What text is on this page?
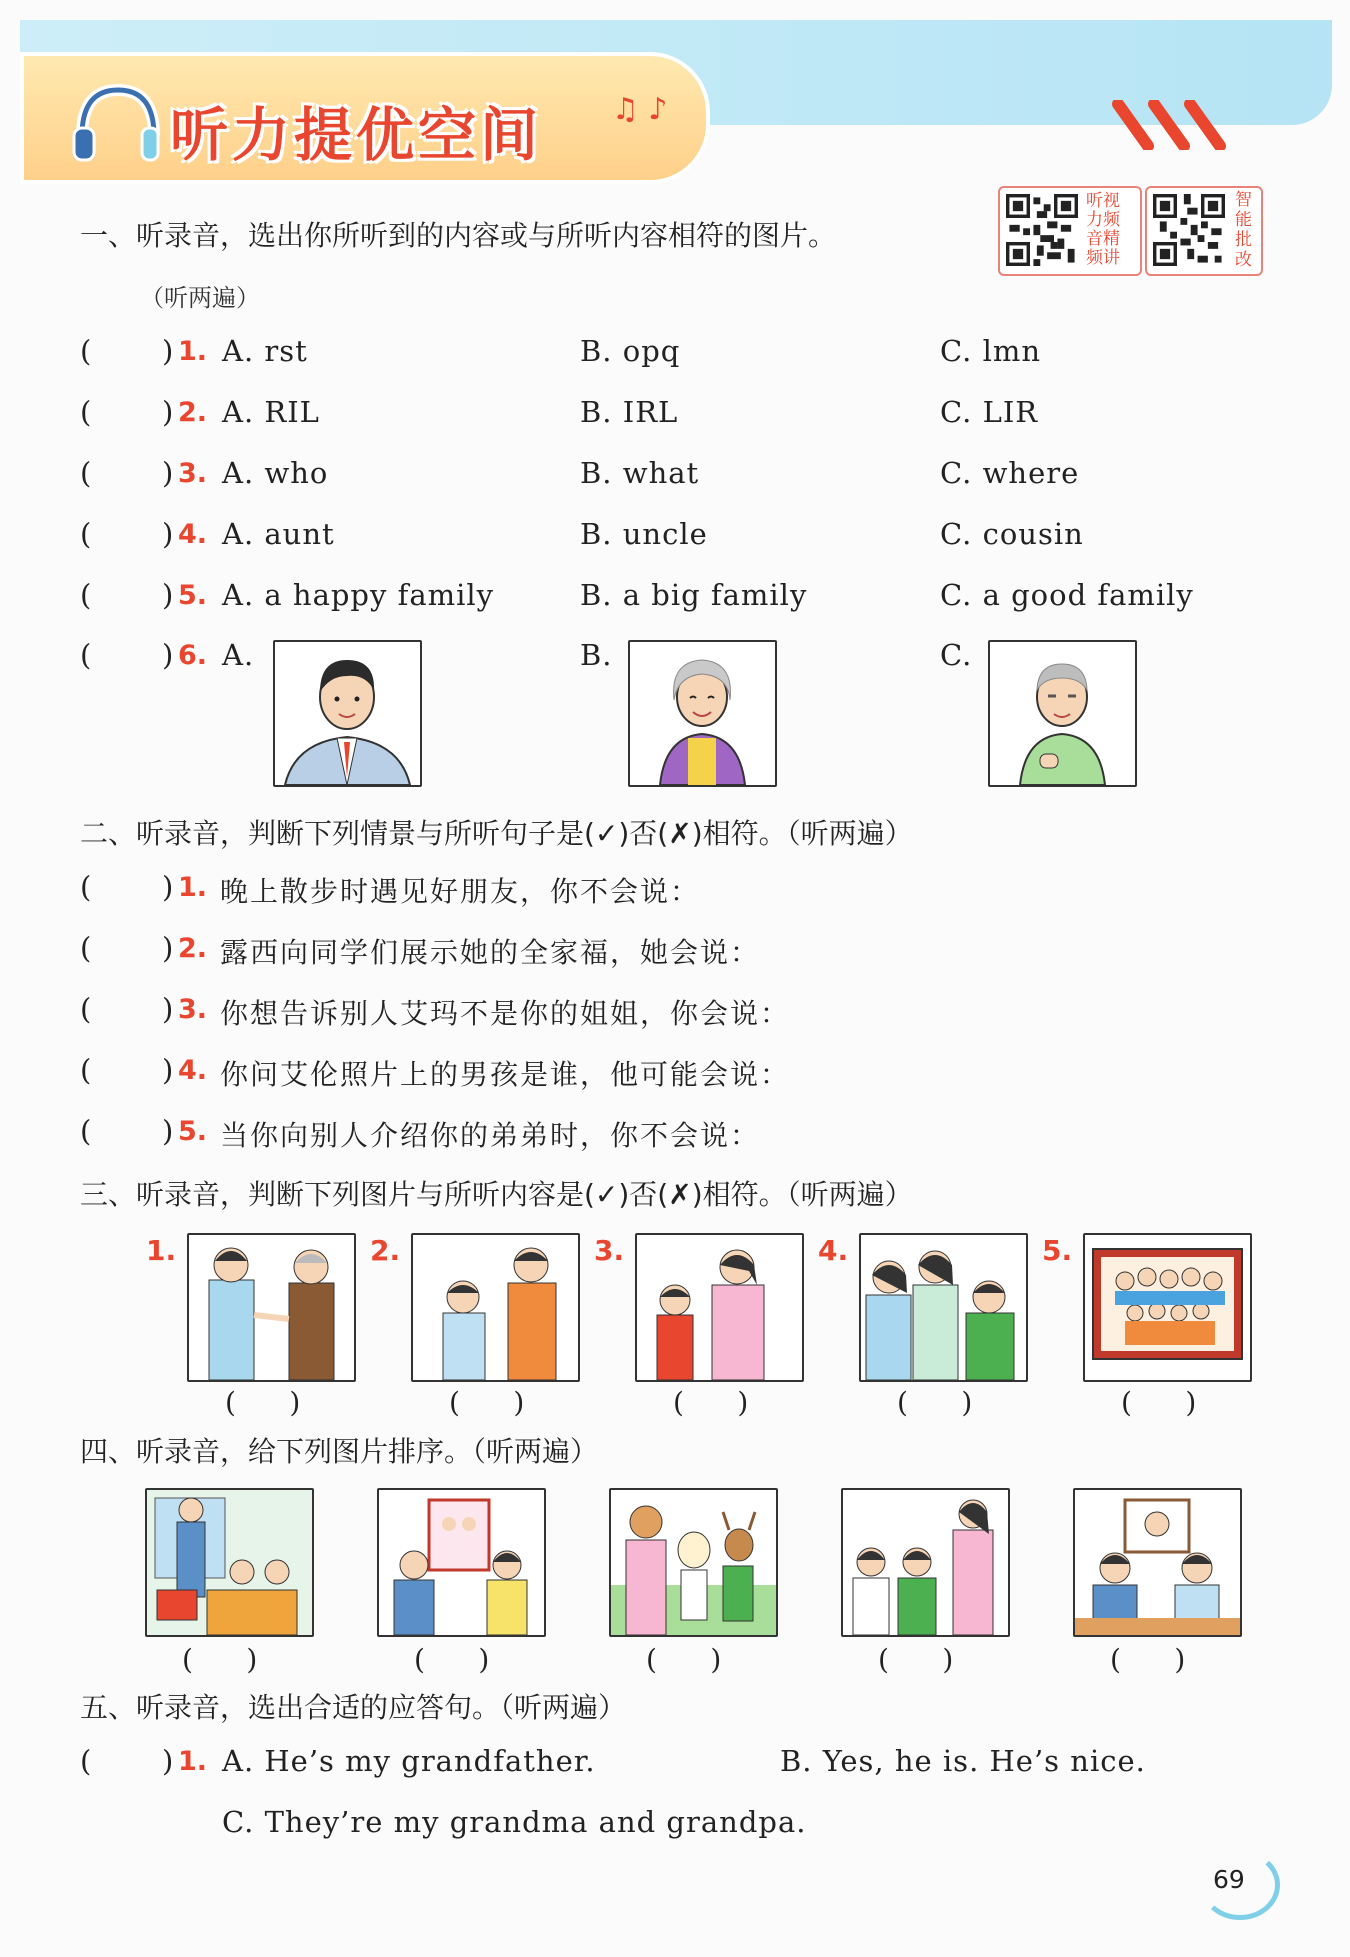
听力提优空间 ♫ ♪
听视
力频
音精
频讲
智
能
批
改
一、听录音，选出你所听到的内容或与所听内容相符的图片。
（听两遍）
( ) 1. A. rst	B. opq	C. lmn
( ) 2. A. RIL	B. IRL	C. LIR
( ) 3. A. who	B. what	C. where
( ) 4. A. aunt	B. uncle	C. cousin
( ) 5. A. a happy family	B. a big family	C. a good family
( ) 6. A.	B.	C.
二、听录音，判断下列情景与所听句子是(✓)否(✗)相符。（听两遍）
( ) 1. 晚上散步时遇见好朋友，你不会说：
( ) 2. 露西向同学们展示她的全家福，她会说：
( ) 3. 你想告诉别人艾玛不是你的姐姐，你会说：
( ) 4. 你问艾伦照片上的男孩是谁，他可能会说：
( ) 5. 当你向别人介绍你的弟弟时，你不会说：
三、听录音，判断下列图片与所听内容是(✓)否(✗)相符。（听两遍）
1.	2.	3.	4.	5.
(      )	(      )	(      )	(      )	(      )
四、听录音，给下列图片排序。（听两遍）
(      )	(      )	(      )	(      )	(      )
五、听录音，选出合适的应答句。（听两遍）
( ) 1. A. He’s my grandfather.	B. Yes, he is. He’s nice.
C. They’re my grandma and grandpa.
69
